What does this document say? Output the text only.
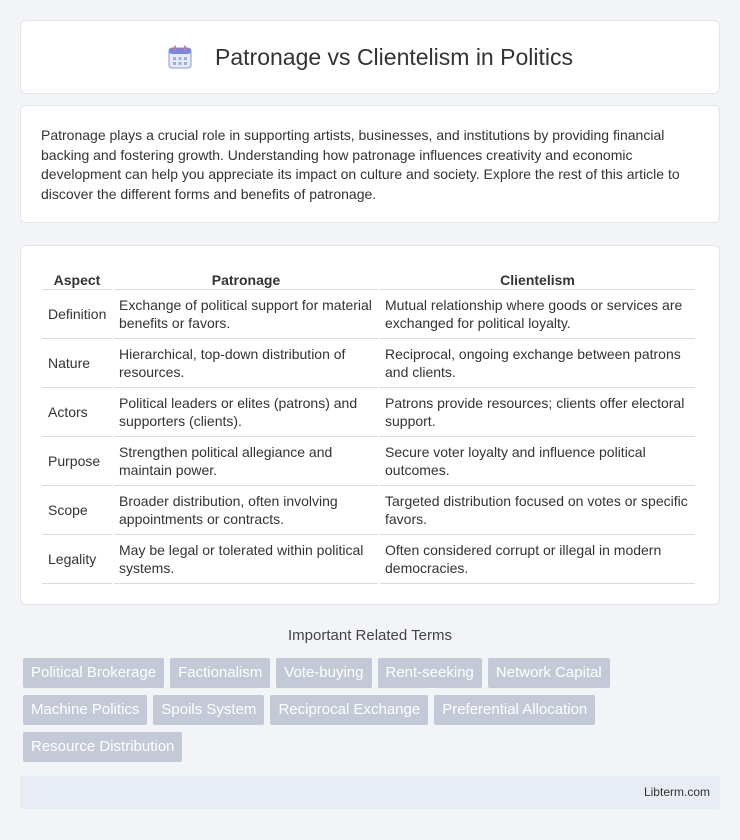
Patronage vs Clientelism in Politics

Patronage plays a crucial role in supporting artists, businesses, and institutions by providing financial backing and fostering growth. Understanding how patronage influences creativity and economic development can help you appreciate its impact on culture and society. Explore the rest of this article to discover the different forms and benefits of patronage.

Aspect	Patronage	Clientelism
Definition	Exchange of political support for material benefits or favors.	Mutual relationship where goods or services are exchanged for political loyalty.
Nature	Hierarchical, top-down distribution of resources.	Reciprocal, ongoing exchange between patrons and clients.
Actors	Political leaders or elites (patrons) and supporters (clients).	Patrons provide resources; clients offer electoral support.
Purpose	Strengthen political allegiance and maintain power.	Secure voter loyalty and influence political outcomes.
Scope	Broader distribution, often involving appointments or contracts.	Targeted distribution focused on votes or specific favors.
Legality	May be legal or tolerated within political systems.	Often considered corrupt or illegal in modern democracies.
Important Related Terms
Political Brokerage	Factionalism	Vote-buying	Rent-seeking	Network Capital
Machine Politics	Spoils System	Reciprocal Exchange	Preferential Allocation
Resource Distribution
Libterm.com
